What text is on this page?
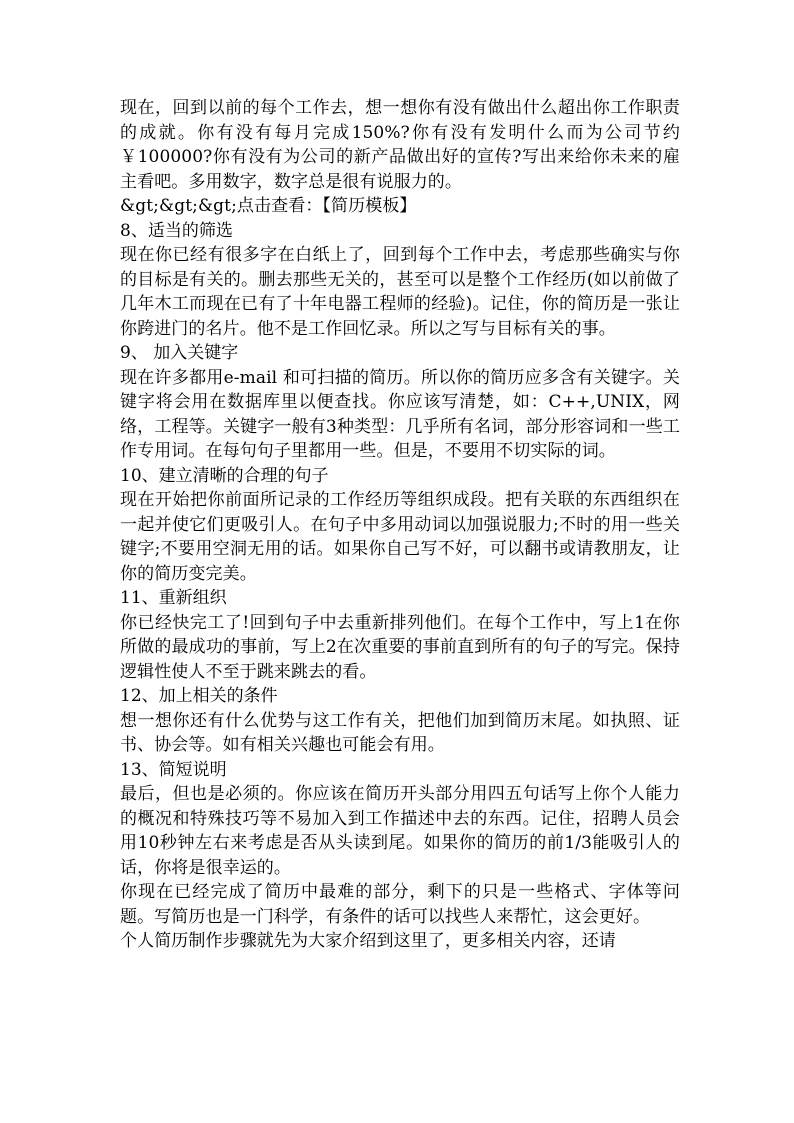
现在，回到以前的每个工作去，想一想你有没有做出什么超出你工作职责的成就。你有没有每月完成150%?你有没有发明什么而为公司节约￥100000?你有没有为公司的新产品做出好的宣传?写出来给你未来的雇主看吧。多用数字，数字总是很有说服力的。

&gt;&gt;&gt;点击查看：【简历模板】

8、适当的筛选

现在你已经有很多字在白纸上了，回到每个工作中去，考虑那些确实与你的目标是有关的。删去那些无关的，甚至可以是整个工作经历(如以前做了几年木工而现在已有了十年电器工程师的经验)。记住，你的简历是一张让你跨进门的名片。他不是工作回忆录。所以之写与目标有关的事。

9、 加入关键字

现在许多都用e-mail 和可扫描的简历。所以你的简历应多含有关键字。关键字将会用在数据库里以便查找。你应该写清楚，如：C++,UNIX，网络，工程等。关键字一般有3种类型：几乎所有名词，部分形容词和一些工作专用词。在每句句子里都用一些。但是，不要用不切实际的词。

10、建立清晰的合理的句子

现在开始把你前面所记录的工作经历等组织成段。把有关联的东西组织在一起并使它们更吸引人。在句子中多用动词以加强说服力;不时的用一些关键字;不要用空洞无用的话。如果你自己写不好，可以翻书或请教朋友，让你的简历变完美。

11、重新组织

你已经快完工了!回到句子中去重新排列他们。在每个工作中，写上1在你所做的最成功的事前，写上2在次重要的事前直到所有的句子的写完。保持逻辑性使人不至于跳来跳去的看。

12、加上相关的条件

想一想你还有什么优势与这工作有关，把他们加到简历末尾。如执照、证书、协会等。如有相关兴趣也可能会有用。

13、简短说明

最后，但也是必须的。你应该在简历开头部分用四五句话写上你个人能力的概况和特殊技巧等不易加入到工作描述中去的东西。记住，招聘人员会用10秒钟左右来考虑是否从头读到尾。如果你的简历的前1/3能吸引人的话，你将是很幸运的。

你现在已经完成了简历中最难的部分，剩下的只是一些格式、字体等问题。写简历也是一门科学，有条件的话可以找些人来帮忙，这会更好。

个人简历制作步骤就先为大家介绍到这里了，更多相关内容，还请
